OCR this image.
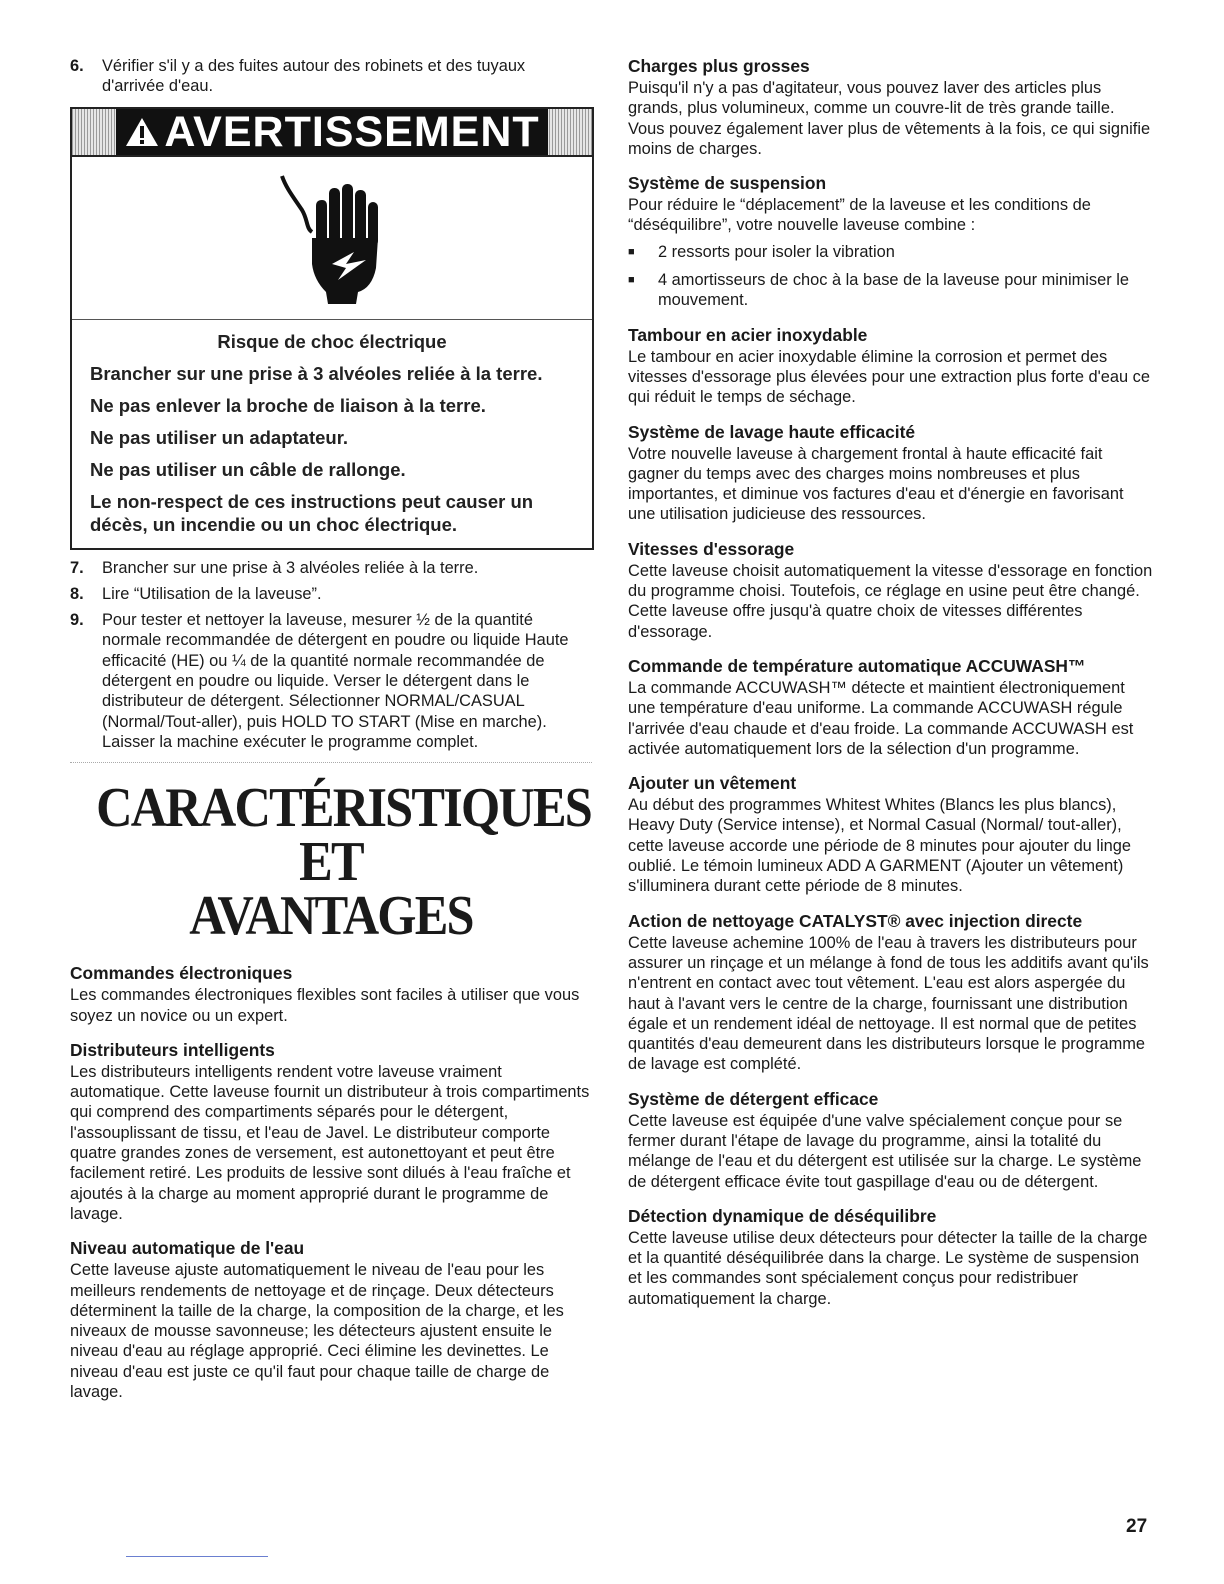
6.	Vérifier s'il y a des fuites autour des robinets et des tuyaux d'arrivée d'eau.
AVERTISSEMENT
Risque de choc électrique
Brancher sur une prise à 3 alvéoles reliée à la terre.
Ne pas enlever la broche de liaison à la terre.
Ne pas utiliser un adaptateur.
Ne pas utiliser un câble de rallonge.
Le non-respect de ces instructions peut causer un décès, un incendie ou un choc électrique.
7.	Brancher sur une prise à 3 alvéoles reliée à la terre.
8.	Lire “Utilisation de la laveuse”.
9.	Pour tester et nettoyer la laveuse, mesurer ½ de la quantité normale recommandée de détergent en poudre ou liquide Haute efficacité (HE) ou ¼ de la quantité normale recommandée de détergent en poudre ou liquide. Verser le détergent dans le distributeur de détergent. Sélectionner NORMAL/CASUAL (Normal/Tout-aller), puis HOLD TO START (Mise en marche). Laisser la machine exécuter le programme complet.
CARACTÉRISTIQUES ET
AVANTAGES
Commandes électroniques

Les commandes électroniques flexibles sont faciles à utiliser que vous soyez un novice ou un expert.

Distributeurs intelligents

Les distributeurs intelligents rendent votre laveuse vraiment automatique. Cette laveuse fournit un distributeur à trois compartiments qui comprend des compartiments séparés pour le détergent, l'assouplissant de tissu, et l'eau de Javel. Le distributeur comporte quatre grandes zones de versement, est autonettoyant et peut être facilement retiré. Les produits de lessive sont dilués à l'eau fraîche et ajoutés à la charge au moment approprié durant le programme de lavage.

Niveau automatique de l'eau

Cette laveuse ajuste automatiquement le niveau de l'eau pour les meilleurs rendements de nettoyage et de rinçage. Deux détecteurs déterminent la taille de la charge, la composition de la charge, et les niveaux de mousse savonneuse; les détecteurs ajustent ensuite le niveau d'eau au réglage approprié. Ceci élimine les devinettes. Le niveau d'eau est juste ce qu'il faut pour chaque taille de charge de lavage.

Charges plus grosses

Puisqu'il n'y a pas d'agitateur, vous pouvez laver des articles plus grands, plus volumineux, comme un couvre-lit de très grande taille. Vous pouvez également laver plus de vêtements à la fois, ce qui signifie moins de charges.

Système de suspension

Pour réduire le “déplacement” de la laveuse et les conditions de “déséquilibre”, votre nouvelle laveuse combine :

■	2 ressorts pour isoler la vibration
■	4 amortisseurs de choc à la base de la laveuse pour minimiser le mouvement.
Tambour en acier inoxydable

Le tambour en acier inoxydable élimine la corrosion et permet des vitesses d'essorage plus élevées pour une extraction plus forte d'eau ce qui réduit le temps de séchage.

Système de lavage haute efficacité

Votre nouvelle laveuse à chargement frontal à haute efficacité fait gagner du temps avec des charges moins nombreuses et plus importantes, et diminue vos factures d'eau et d'énergie en favorisant une utilisation judicieuse des ressources.

Vitesses d'essorage

Cette laveuse choisit automatiquement la vitesse d'essorage en fonction du programme choisi. Toutefois, ce réglage en usine peut être changé. Cette laveuse offre jusqu'à quatre choix de vitesses différentes d'essorage.

Commande de température automatique ACCUWASH™

La commande ACCUWASH™ détecte et maintient électroniquement une température d'eau uniforme. La commande ACCUWASH régule l'arrivée d'eau chaude et d'eau froide. La commande ACCUWASH est activée automatiquement lors de la sélection d'un programme.

Ajouter un vêtement

Au début des programmes Whitest Whites (Blancs les plus blancs), Heavy Duty (Service intense), et Normal Casual (Normal/ tout-aller), cette laveuse accorde une période de 8 minutes pour ajouter du linge oublié. Le témoin lumineux ADD A GARMENT (Ajouter un vêtement) s'illuminera durant cette période de 8 minutes.

Action de nettoyage CATALYST® avec injection directe

Cette laveuse achemine 100% de l'eau à travers les distributeurs pour assurer un rinçage et un mélange à fond de tous les additifs avant qu'ils n'entrent en contact avec tout vêtement. L'eau est alors aspergée du haut à l'avant vers le centre de la charge, fournissant une distribution égale et un rendement idéal de nettoyage. Il est normal que de petites quantités d'eau demeurent dans les distributeurs lorsque le programme de lavage est complété.

Système de détergent efficace

Cette laveuse est équipée d'une valve spécialement conçue pour se fermer durant l'étape de lavage du programme, ainsi la totalité du mélange de l'eau et du détergent est utilisée sur la charge. Le système de détergent efficace évite tout gaspillage d'eau ou de détergent.

Détection dynamique de déséquilibre

Cette laveuse utilise deux détecteurs pour détecter la taille de la charge et la quantité déséquilibrée dans la charge. Le système de suspension et les commandes sont spécialement conçus pour redistribuer automatiquement la charge.

27
